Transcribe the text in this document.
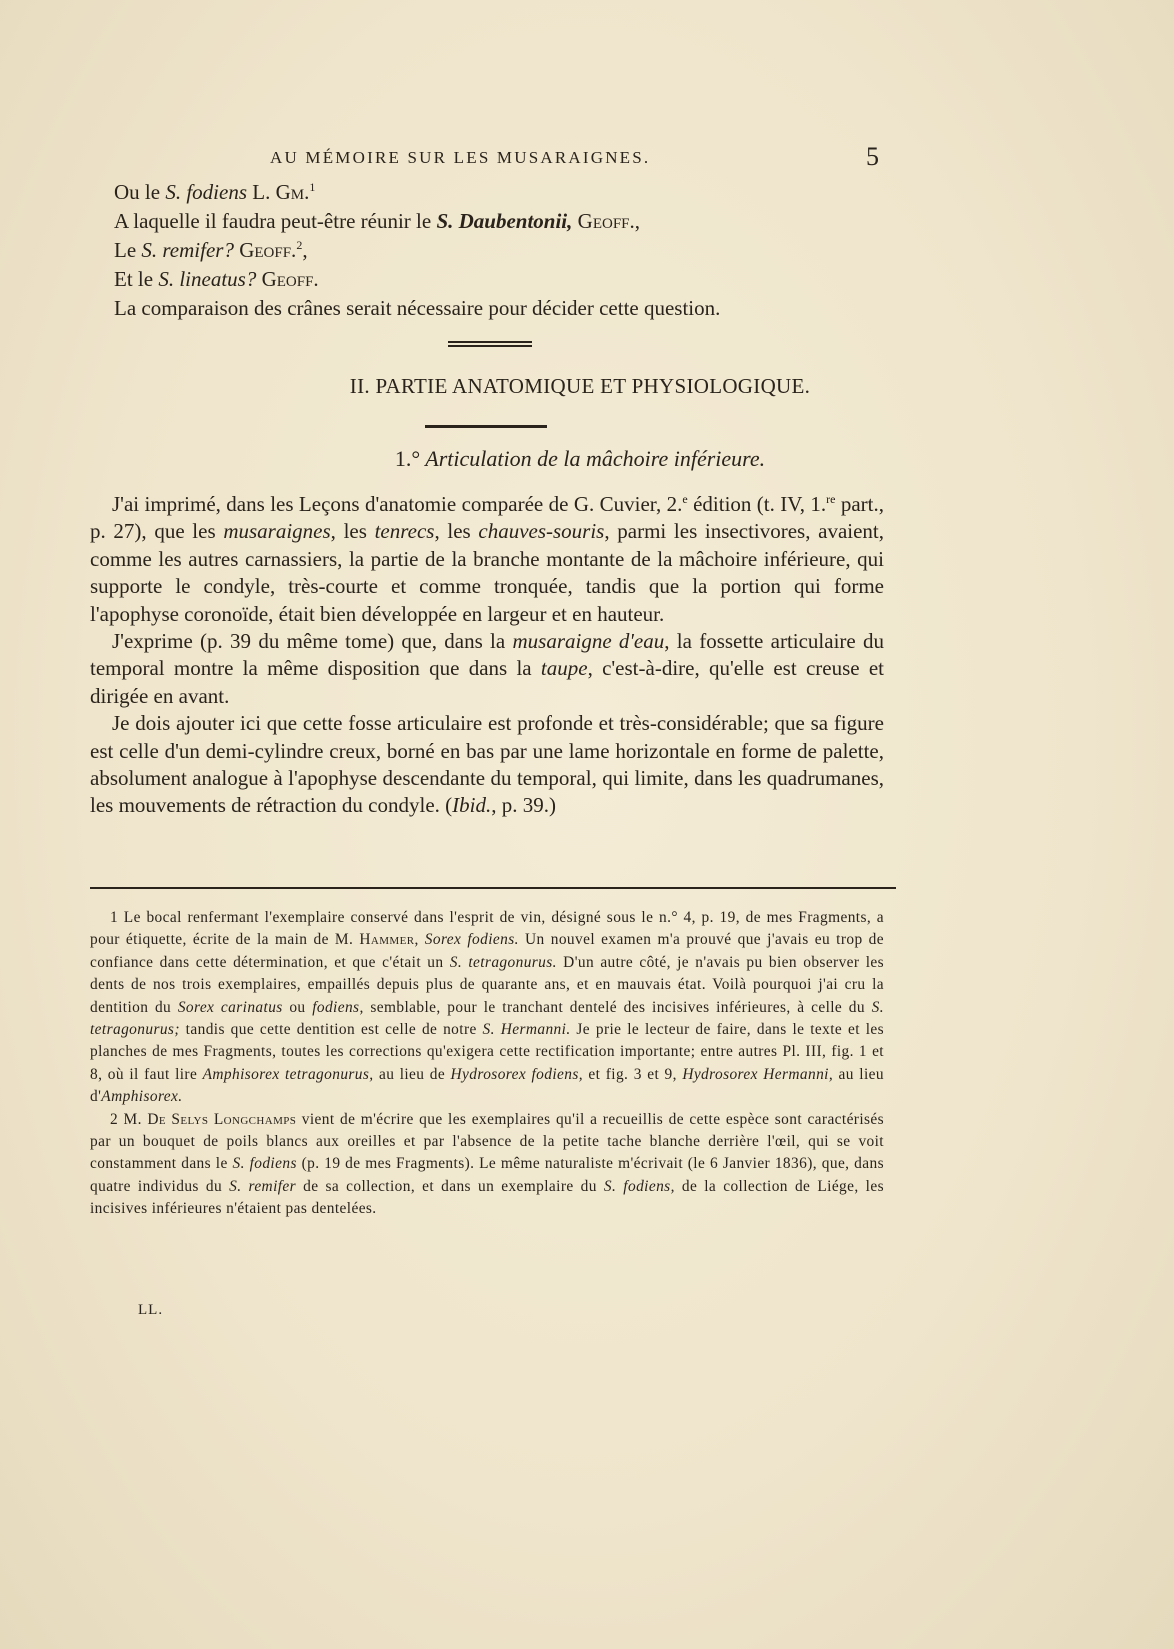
AU MÉMOIRE SUR LES MUSARAIGNES.	5
Ou le S. fodiens L. Gm.$^1$
A laquelle il faudra peut-être réunir le S. Daubentonii, Geoff.,
Le S. remifer? Geoff.$^2$,
Et le S. lineatus? Geoff.
La comparaison des crânes serait nécessaire pour décider cette question.
II. PARTIE ANATOMIQUE ET PHYSIOLOGIQUE.
1.° Articulation de la mâchoire inférieure.

J'ai imprimé, dans les Leçons d'anatomie comparée de G. Cuvier, 2.$^e$ édition (t. IV, 1.$^{re}$ part., p. 27), que les musaraignes, les tenrecs, les chauves-souris, parmi les insectivores, avaient, comme les autres carnassiers, la partie de la branche montante de la mâchoire inférieure, qui supporte le condyle, très-courte et comme tronquée, tandis que la portion qui forme l'apophyse coronoïde, était bien développée en largeur et en hauteur.

J'exprime (p. 39 du même tome) que, dans la musaraigne d'eau, la fossette articulaire du temporal montre la même disposition que dans la taupe, c'est-à-dire, qu'elle est creuse et dirigée en avant.

Je dois ajouter ici que cette fosse articulaire est profonde et très-considérable; que sa figure est celle d'un demi-cylindre creux, borné en bas par une lame horizontale en forme de palette, absolument analogue à l'apophyse descendante du temporal, qui limite, dans les quadrumanes, les mouvements de rétraction du condyle. (Ibid., p. 39.)

1 Le bocal renfermant l'exemplaire conservé dans l'esprit de vin, désigné sous le n.° 4, p. 19, de mes Fragments, a pour étiquette, écrite de la main de M. Hammer, Sorex fodiens. Un nouvel examen m'a prouvé que j'avais eu trop de confiance dans cette détermination, et que c'était un S. tetragonurus. D'un autre côté, je n'avais pu bien observer les dents de nos trois exemplaires, empaillés depuis plus de quarante ans, et en mauvais état. Voilà pourquoi j'ai cru la dentition du Sorex carinatus ou fodiens, semblable, pour le tranchant dentelé des incisives inférieures, à celle du S. tetragonurus; tandis que cette dentition est celle de notre S. Hermanni. Je prie le lecteur de faire, dans le texte et les planches de mes Fragments, toutes les corrections qu'exigera cette rectification importante; entre autres Pl. III, fig. 1 et 8, où il faut lire Amphisorex tetragonurus, au lieu de Hydrosorex fodiens, et fig. 3 et 9, Hydrosorex Hermanni, au lieu d'Amphisorex.

2 M. De Selys Longchamps vient de m'écrire que les exemplaires qu'il a recueillis de cette espèce sont caractérisés par un bouquet de poils blancs aux oreilles et par l'absence de la petite tache blanche derrière l'œil, qui se voit constamment dans le S. fodiens (p. 19 de mes Fragments). Le même naturaliste m'écrivait (le 6 Janvier 1836), que, dans quatre individus du S. remifer de sa collection, et dans un exemplaire du S. fodiens, de la collection de Liége, les incisives inférieures n'étaient pas dentelées.

LL.
